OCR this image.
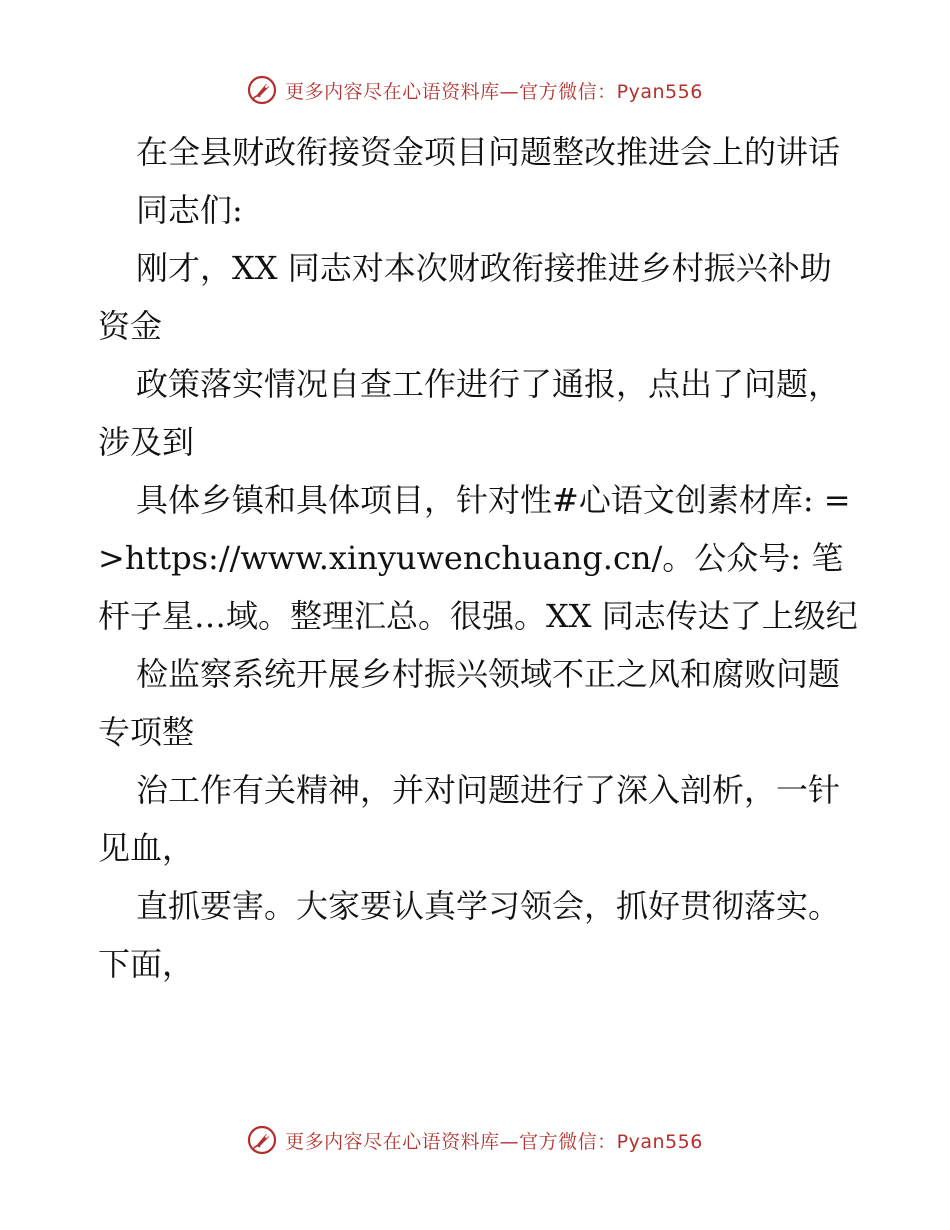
更多内容尽在心语资料库—官方微信：Pyan556

在全县财政衔接资金项目问题整改推进会上的讲话

同志们:

刚才，XX 同志对本次财政衔接推进乡村振兴补助资金

政策落实情况自查工作进行了通报，点出了问题，涉及到

具体乡镇和具体项目，针对性#心语文创素材库: =>https://www.xinyuwenchuang.cn/。公众号: 笔杆子星…域。整理汇总。很强。XX 同志传达了上级纪

检监察系统开展乡村振兴领域不正之风和腐败问题专项整

治工作有关精神，并对问题进行了深入剖析，一针见血，

直抓要害。大家要认真学习领会，抓好贯彻落实。下面，

更多内容尽在心语资料库—官方微信：Pyan556
